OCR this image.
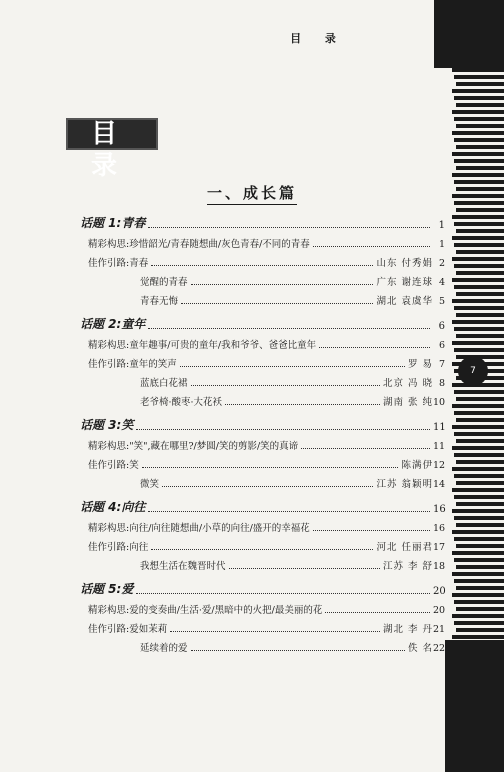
目 录
7
目 录
一、成长篇
话题 1:青春	1
精彩构思:珍惜韶光/青春随想曲/灰色青春/不同的青春	1
佳作引路:青春	山东 付秀娟 2
觉醒的青春	广东 谢连球 4
青春无悔	湖北 袁虞华 5
话题 2:童年	6
精彩构思:童年趣事/可贵的童年/我和爷爷、爸爸比童年	6
佳作引路:童年的笑声	罗 易 7
蓝底白花裙	北京 冯 晓 8
老爷椅·酸枣·大花袄	湖南 张 纯 10
话题 3:笑	11
精彩构思:"笑",藏在哪里?/梦圆/笑的剪影/笑的真谛	11
佳作引路:笑	陈满伊 12
微笑	江苏 翁颖明 14
话题 4:向往	16
精彩构思:向往/向往随想曲/小草的向往/盛开的幸福花	16
佳作引路:向往	河北 任丽君 17
我想生活在魏晋时代	江苏 李 舒 18
话题 5:爱	20
精彩构思:爱的变奏曲/生活·爱/黑暗中的火把/最美丽的花	20
佳作引路:爱如茉莉	湖北 李 丹 21
延续着的爱	佚 名 22
